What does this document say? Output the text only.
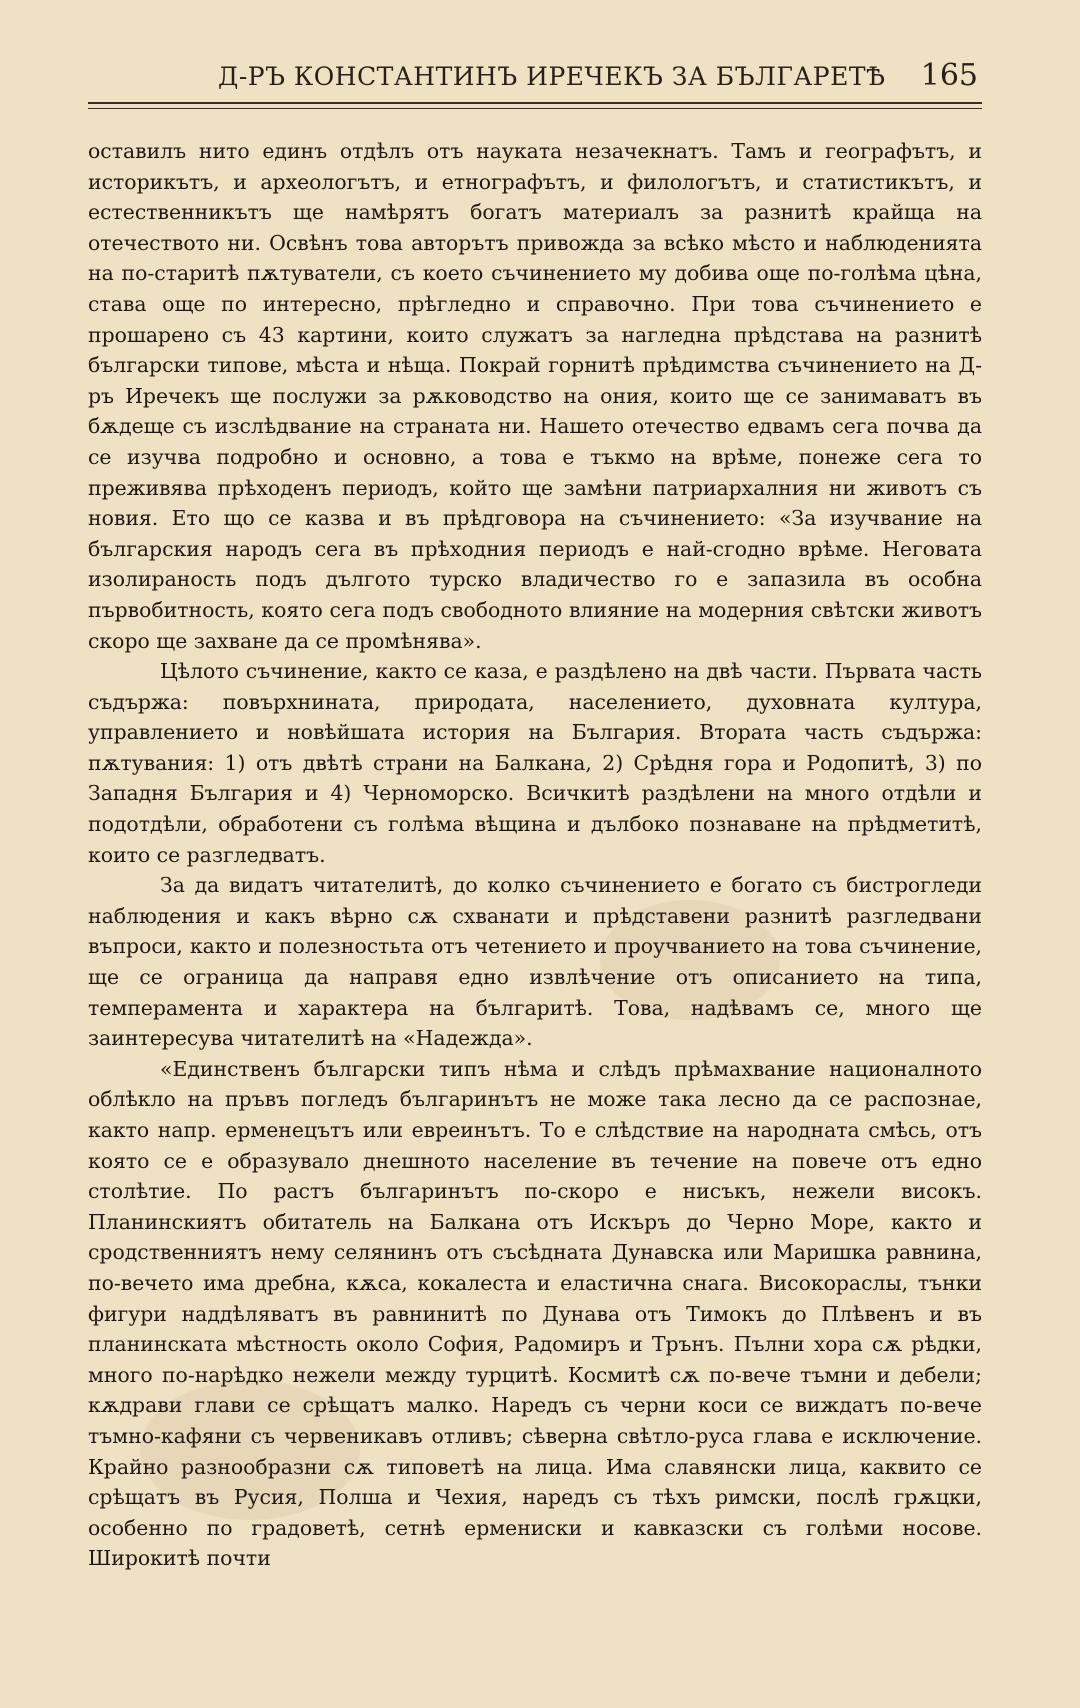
Д-РЪ КОНСТАНТИНЪ ИРЕЧЕКЪ ЗА БЪЛГАРЕТѢ 165

оставилъ нито единъ отдѣлъ отъ науката незачекнатъ. Тамъ и географътъ, и историкътъ, и археологътъ, и етнографътъ, и филологътъ, и статистикътъ, и естественникътъ ще намѣрятъ богатъ материалъ за разнитѣ крайща на отечеството ни. Освѣнъ това авторътъ привожда за всѣко мѣсто и наблюденията на по-старитѣ пѫтуватели, съ което съчинението му добива още по-голѣма цѣна, става още по интересно, прѣгледно и справочно. При това съчинението е прошарено съ 43 картини, които служатъ за нагледна прѣдстава на разнитѣ български типове, мѣста и нѣща. Покрай горнитѣ прѣдимства съчинението на Д-ръ Иречекъ ще послужи за рѫководство на ония, които ще се занимаватъ въ бѫдеще съ изслѣдвание на страната ни. Нашето отечество едвамъ сега почва да се изучва подробно и основно, а това е тъкмо на врѣме, понеже сега то преживява прѣходенъ периодъ, който ще замѣни патриархалния ни животъ съ новия. Ето що се казва и въ прѣдговора на съчинението: «За изучвание на българския народъ сега въ прѣходния периодъ е най-сгодно врѣме. Неговата изолираность подъ дългото турско владичество го е запазила въ особна първобитность, която сега подъ свободното влияние на модерния свѣтски животъ скоро ще захване да се промѣнява».

Цѣлото съчинение, както се каза, е раздѣлено на двѣ части. Първата часть съдържа: повърхнината, природата, населението, духовната култура, управлението и новѣйшата история на България. Втората часть съдържа: пѫтувания: 1) отъ двѣтѣ страни на Балкана, 2) Срѣдня гора и Родопитѣ, 3) по Западня България и 4) Черноморско. Всичкитѣ раздѣлени на много отдѣли и подотдѣли, обработени съ голѣма вѣщина и дълбоко познаване на прѣдметитѣ, които се разгледватъ.

За да видатъ читателитѣ, до колко съчинението е богато съ бистрогледи наблюдения и какъ вѣрно сѫ схванати и прѣдставени разнитѣ разгледвани въпроси, както и полезностьта отъ четението и проучванието на това съчинение, ще се ограница да направя едно извлѣчение отъ описанието на типа, темперамента и характера на българитѣ. Това, надѣвамъ се, много ще заинтересува читателитѣ на «Надежда».

«Единственъ български типъ нѣма и слѣдъ прѣмахвание националното облѣкло на пръвъ погледъ българинътъ не може така лесно да се распознае, както напр. ерменецътъ или евреинътъ. То е слѣдствие на народната смѣсь, отъ която се е образувало днешното население въ течение на повече отъ едно столѣтие. По растъ българинътъ по-скоро е нисъкъ, нежели високъ. Планинскиятъ обитатель на Балкана отъ Искъръ до Черно Море, както и сродственниятъ нему селянинъ отъ съсѣдната Дунавска или Маришка равнина, по-вечето има дребна, кѫса, кокалеста и еластична снага. Високораслы, тънки фигури наддѣляватъ въ равнинитѣ по Дунава отъ Тимокъ до Плѣвенъ и въ планинската мѣстность около София, Радомиръ и Трънъ. Пълни хора сѫ рѣдки, много по-нарѣдко нежели между турцитѣ. Космитѣ сѫ по-вече тъмни и дебели; кѫдрави глави се срѣщатъ малко. Наредъ съ черни коси се виждатъ по-вече тъмно-кафяни съ червеникавъ отливъ; сѣверна свѣтло-руса глава е исключение. Крайно разнообразни сѫ типоветѣ на лица. Има славянски лица, каквито се срѣщатъ въ Русия, Полша и Чехия, наредъ съ тѣхъ римски, послѣ грѫцки, особенно по градоветѣ, сетнѣ ермениски и кавказски съ голѣми носове. Широкитѣ почти
